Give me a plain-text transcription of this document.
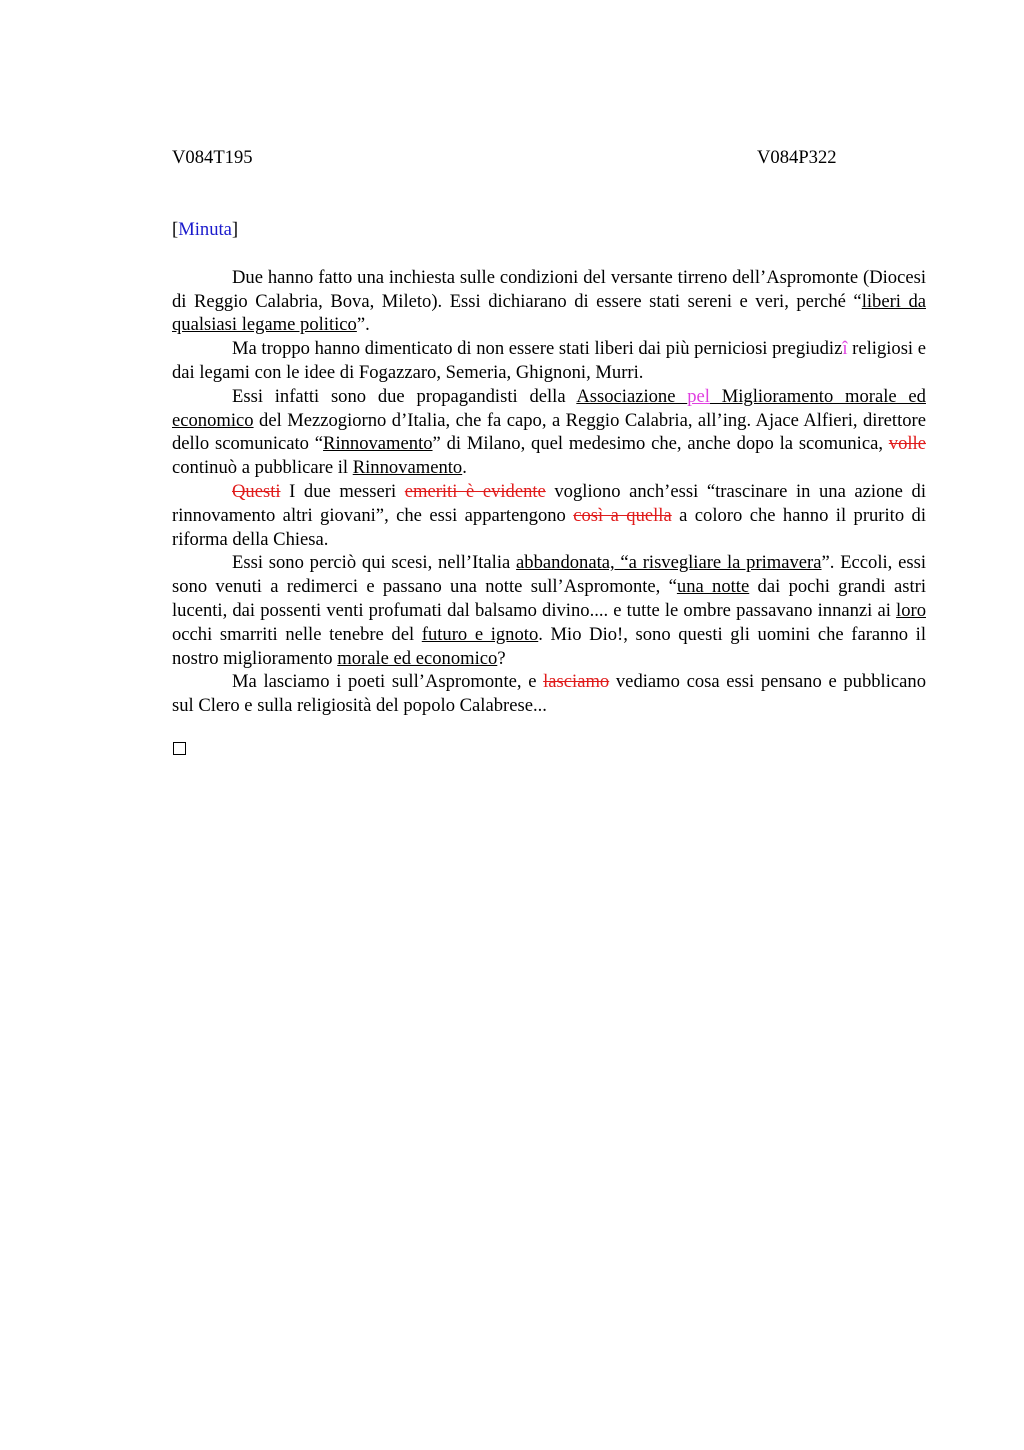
V084T195	V084P322
[Minuta]

Due hanno fatto una inchiesta sulle condizioni del versante tirreno dell’Aspromonte (Diocesi di Reggio Calabria, Bova, Mileto). Essi dichiarano di essere stati sereni e veri, perché “liberi da qualsiasi legame politico”.

Ma troppo hanno dimenticato di non essere stati liberi dai più perniciosi pregiudizî religiosi e dai legami con le idee di Fogazzaro, Semeria, Ghignoni, Murri.

Essi infatti sono due propagandisti della Associazione pel Miglioramento morale ed economico del Mezzogiorno d’Italia, che fa capo, a Reggio Calabria, all’ing. Ajace Alfieri, direttore dello scomunicato “Rinnovamento” di Milano, quel medesimo che, anche dopo la scomunica, volle continuò a pubblicare il Rinnovamento.

Questi I due messeri emeriti è evidente vogliono anch’essi “trascinare in una azione di rinnovamento altri giovani”, che essi appartengono così a quella a coloro che hanno il prurito di riforma della Chiesa.

Essi sono perciò qui scesi, nell’Italia abbandonata, “a risvegliare la primavera”. Eccoli, essi sono venuti a redimerci e passano una notte sull’Aspromonte, “una notte dai pochi grandi astri lucenti, dai possenti venti profumati dal balsamo divino.... e tutte le ombre passavano innanzi ai loro occhi smarriti nelle tenebre del futuro e ignoto. Mio Dio!, sono questi gli uomini che faranno il nostro miglioramento morale ed economico?

Ma lasciamo i poeti sull’Aspromonte, e lasciamo vediamo cosa essi pensano e pubblicano sul Clero e sulla religiosità del popolo Calabrese...
